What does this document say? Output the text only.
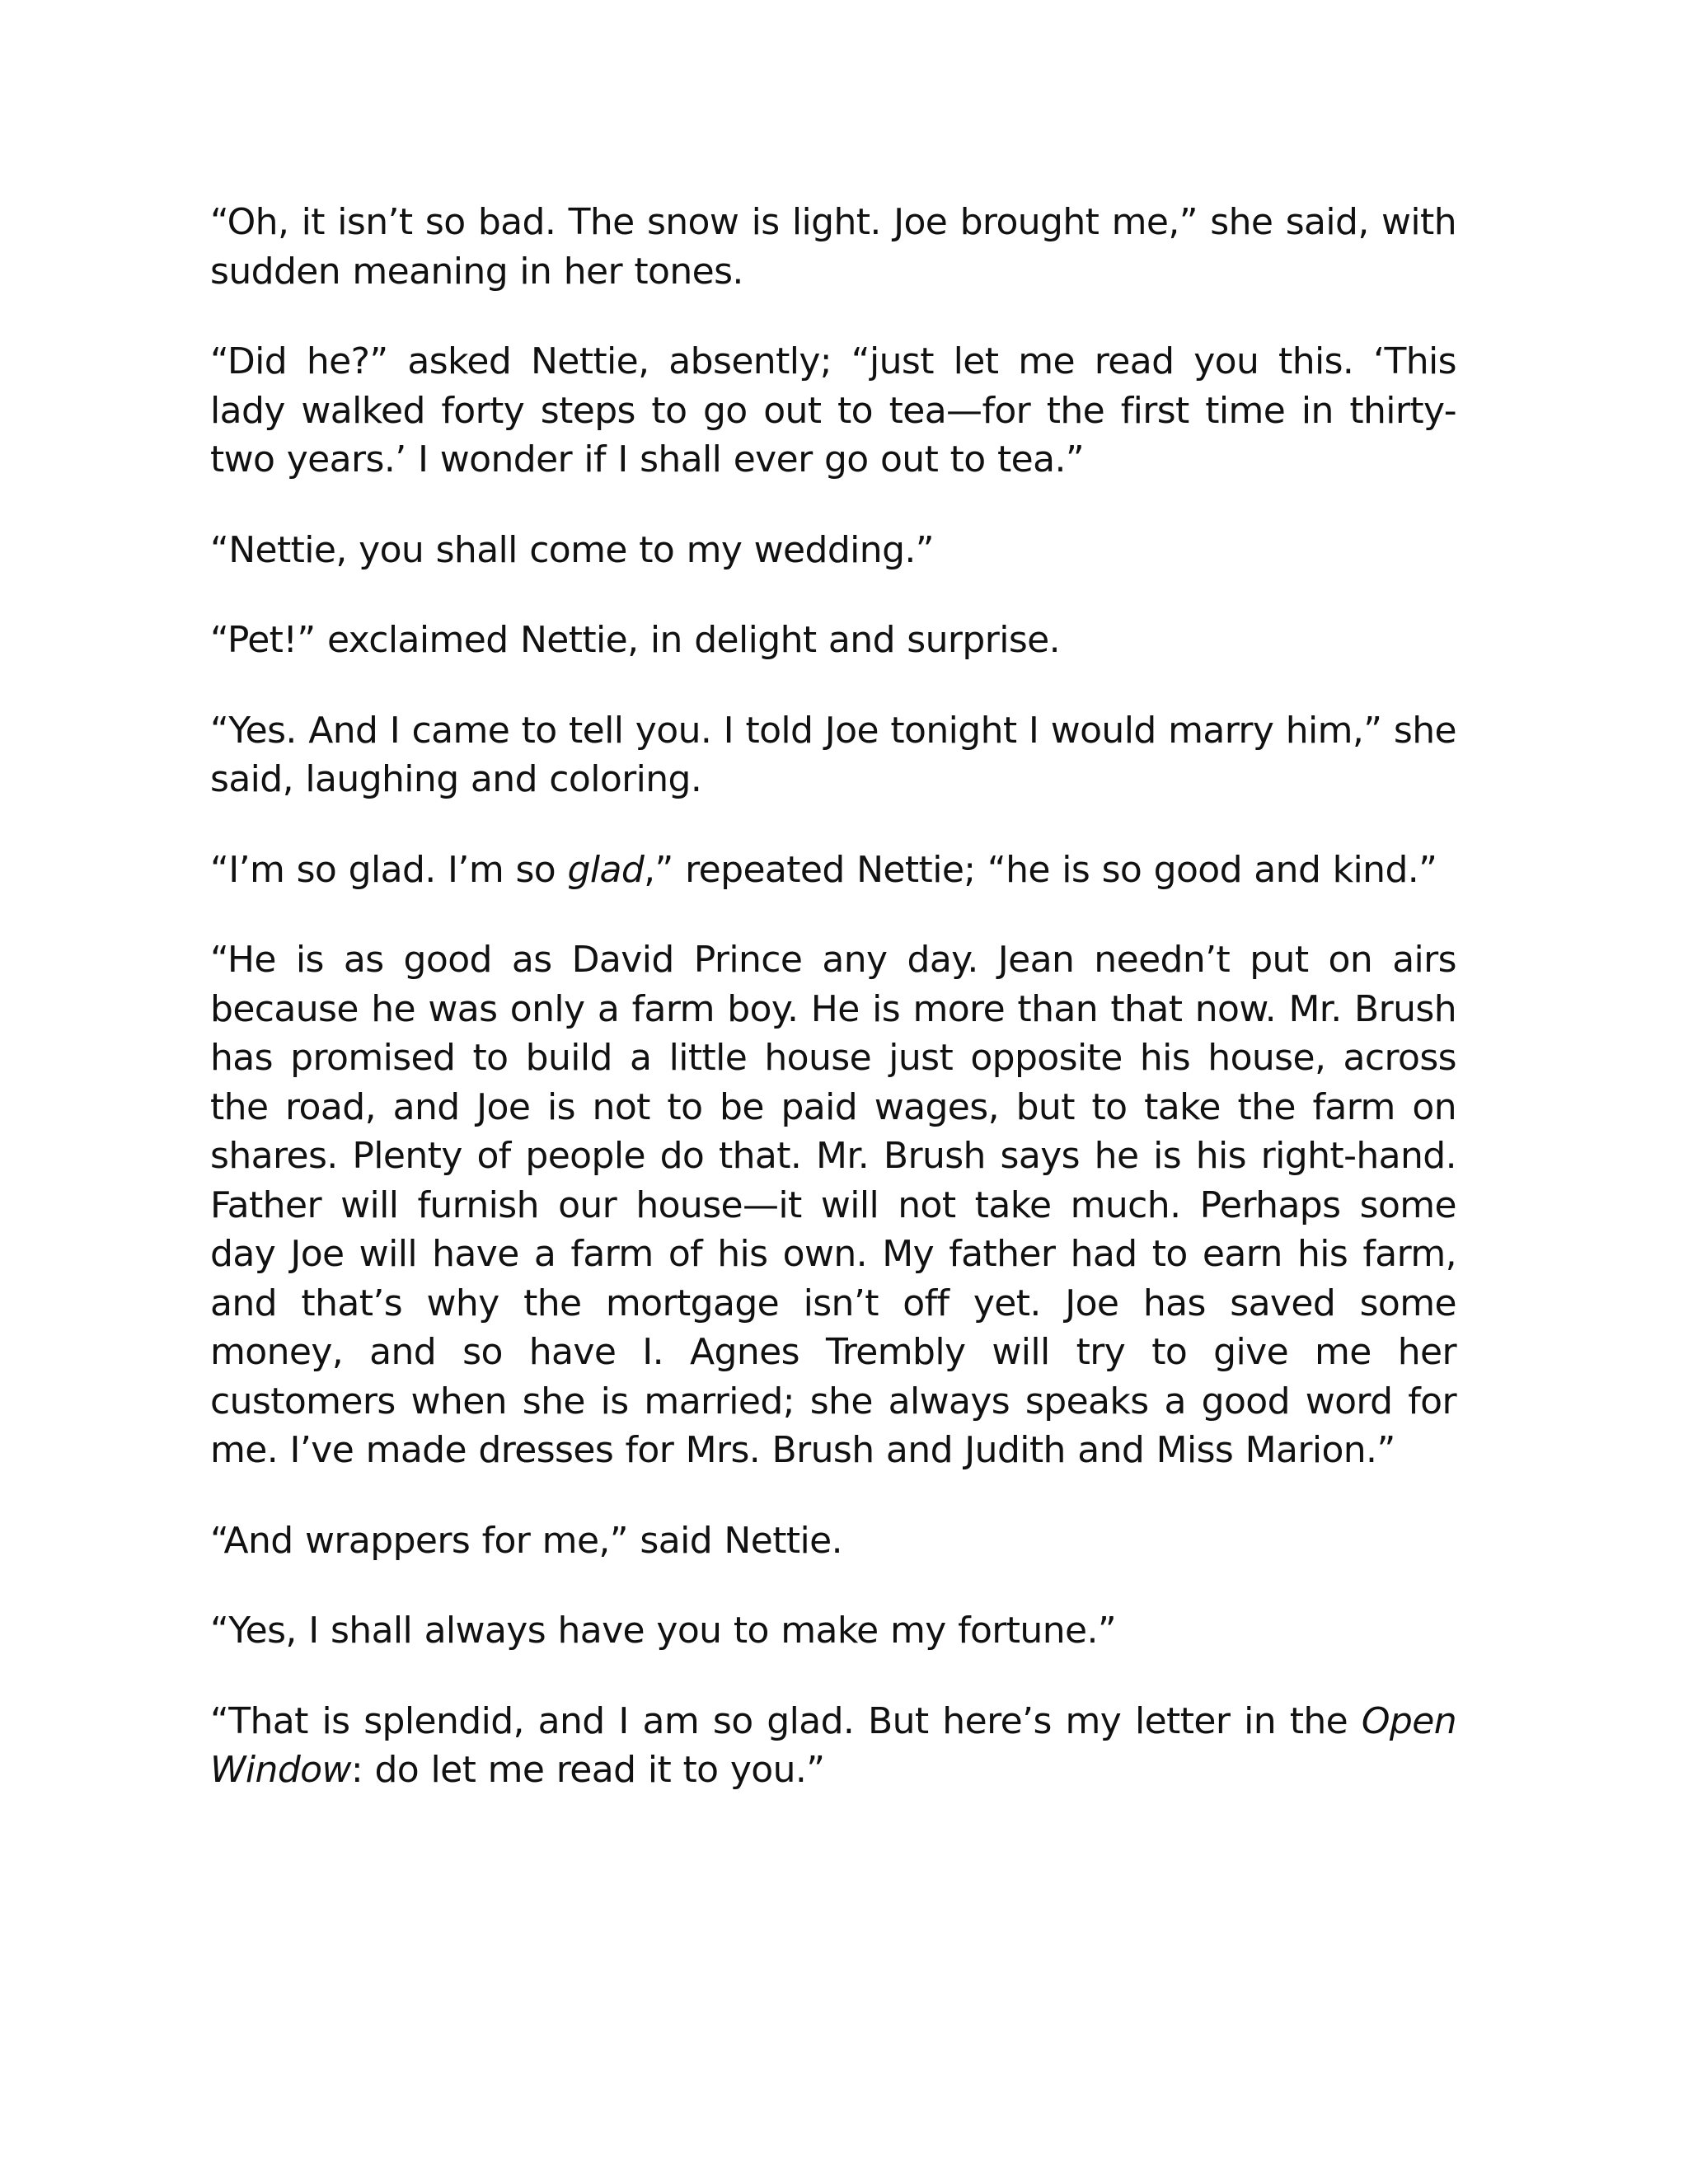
“Oh, it isn’t so bad. The snow is light. Joe brought me,” she said, with sudden meaning in her tones.

“Did he?” asked Nettie, absently; “just let me read you this. ‘This lady walked forty steps to go out to tea—for the first time in thirty-two years.’ I wonder if I shall ever go out to tea.”

“Nettie, you shall come to my wedding.”

“Pet!” exclaimed Nettie, in delight and surprise.

“Yes. And I came to tell you. I told Joe tonight I would marry him,” she said, laughing and coloring.

“I’m so glad. I’m so glad,” repeated Nettie; “he is so good and kind.”

“He is as good as David Prince any day. Jean needn’t put on airs because he was only a farm boy. He is more than that now. Mr. Brush has promised to build a little house just opposite his house, across the road, and Joe is not to be paid wages, but to take the farm on shares. Plenty of people do that. Mr. Brush says he is his right-hand. Father will furnish our house—it will not take much. Perhaps some day Joe will have a farm of his own. My father had to earn his farm, and that’s why the mortgage isn’t off yet. Joe has saved some money, and so have I. Agnes Trembly will try to give me her customers when she is married; she always speaks a good word for me. I’ve made dresses for Mrs. Brush and Judith and Miss Marion.”

“And wrappers for me,” said Nettie.

“Yes, I shall always have you to make my fortune.”

“That is splendid, and I am so glad. But here’s my letter in the Open Window: do let me read it to you.”
